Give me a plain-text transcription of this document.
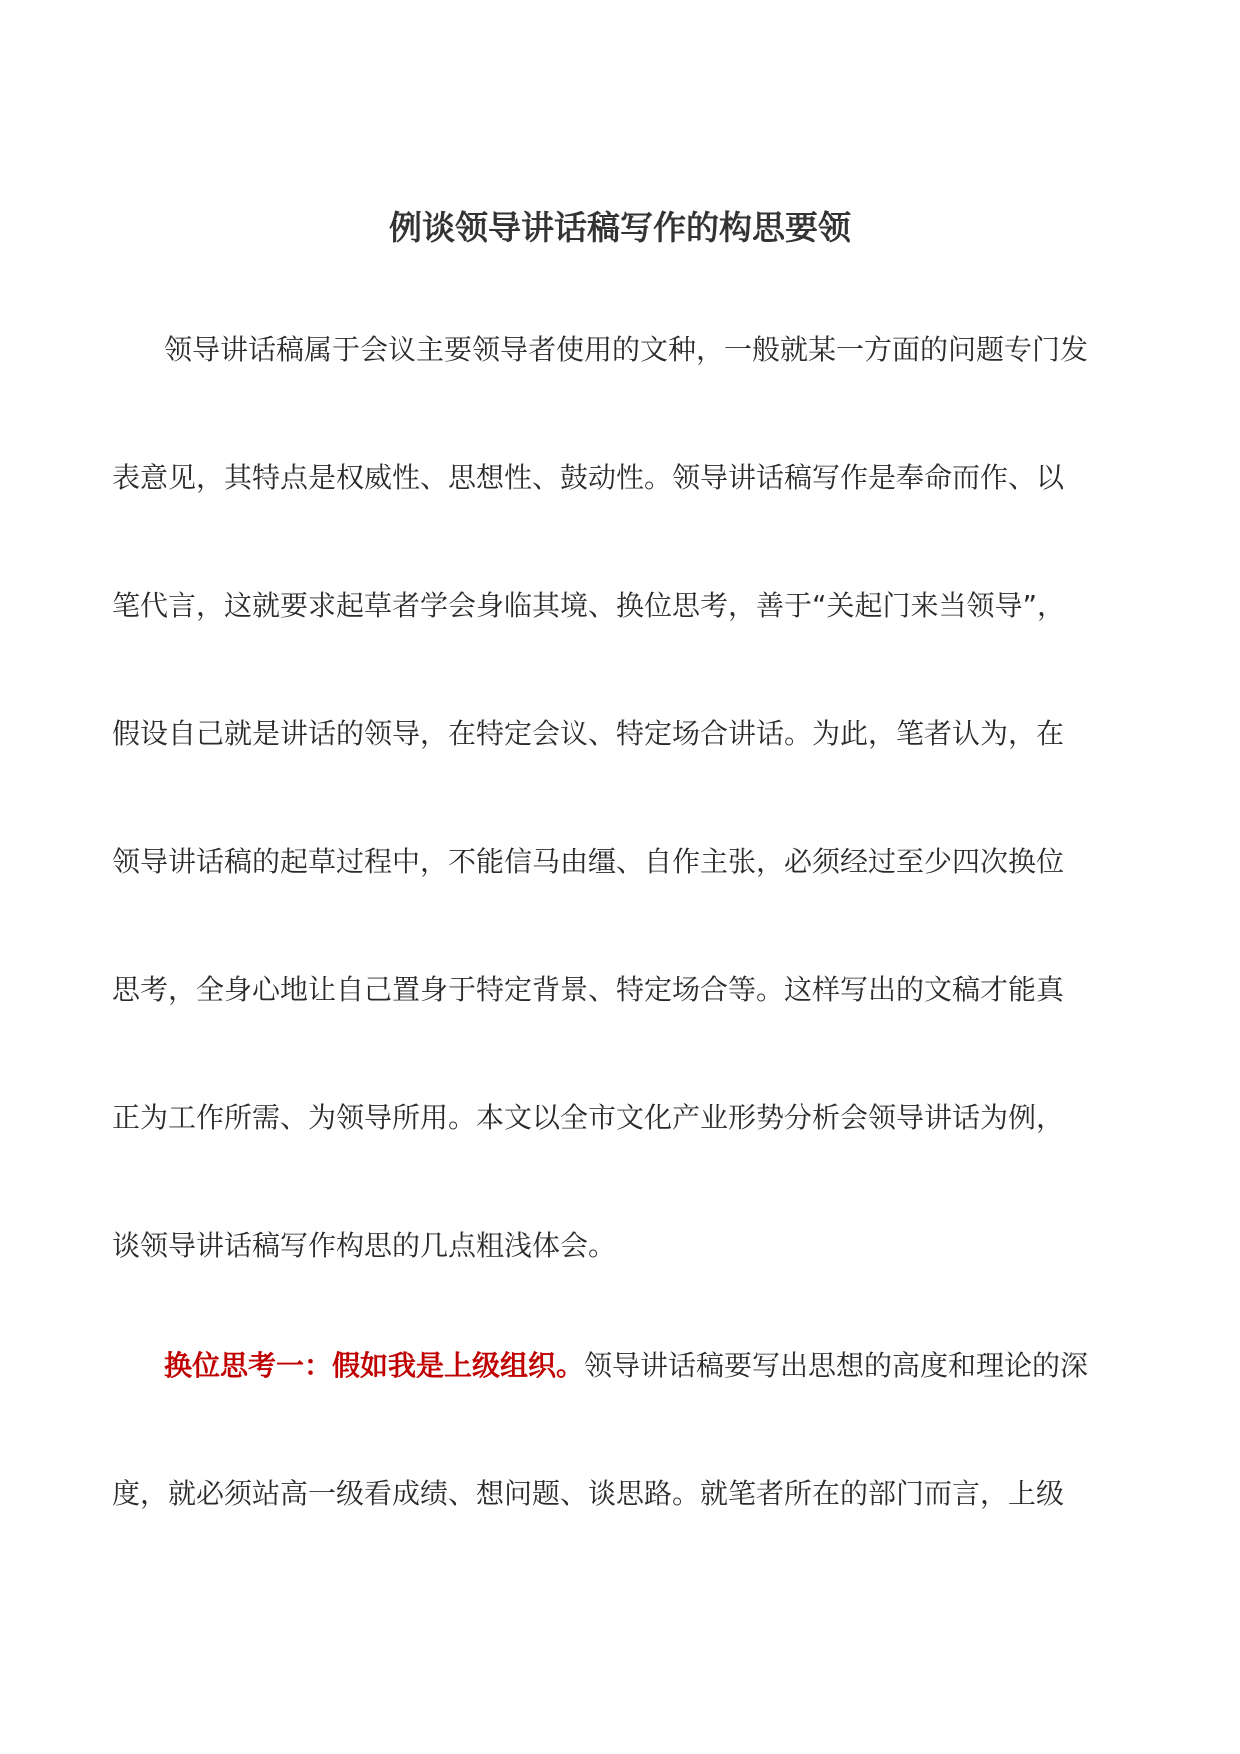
例谈领导讲话稿写作的构思要领
领导讲话稿属于会议主要领导者使用的文种，一般就某一方面的问题专门发
表意见，其特点是权威性、思想性、鼓动性。领导讲话稿写作是奉命而作、以
笔代言，这就要求起草者学会身临其境、换位思考，善于“关起门来当领导”，
假设自己就是讲话的领导，在特定会议、特定场合讲话。为此，笔者认为，在
领导讲话稿的起草过程中，不能信马由缰、自作主张，必须经过至少四次换位
思考，全身心地让自己置身于特定背景、特定场合等。这样写出的文稿才能真
正为工作所需、为领导所用。本文以全市文化产业形势分析会领导讲话为例，
谈领导讲话稿写作构思的几点粗浅体会。
换位思考一：假如我是上级组织。领导讲话稿要写出思想的高度和理论的深
度，就必须站高一级看成绩、想问题、谈思路。就笔者所在的部门而言，上级
